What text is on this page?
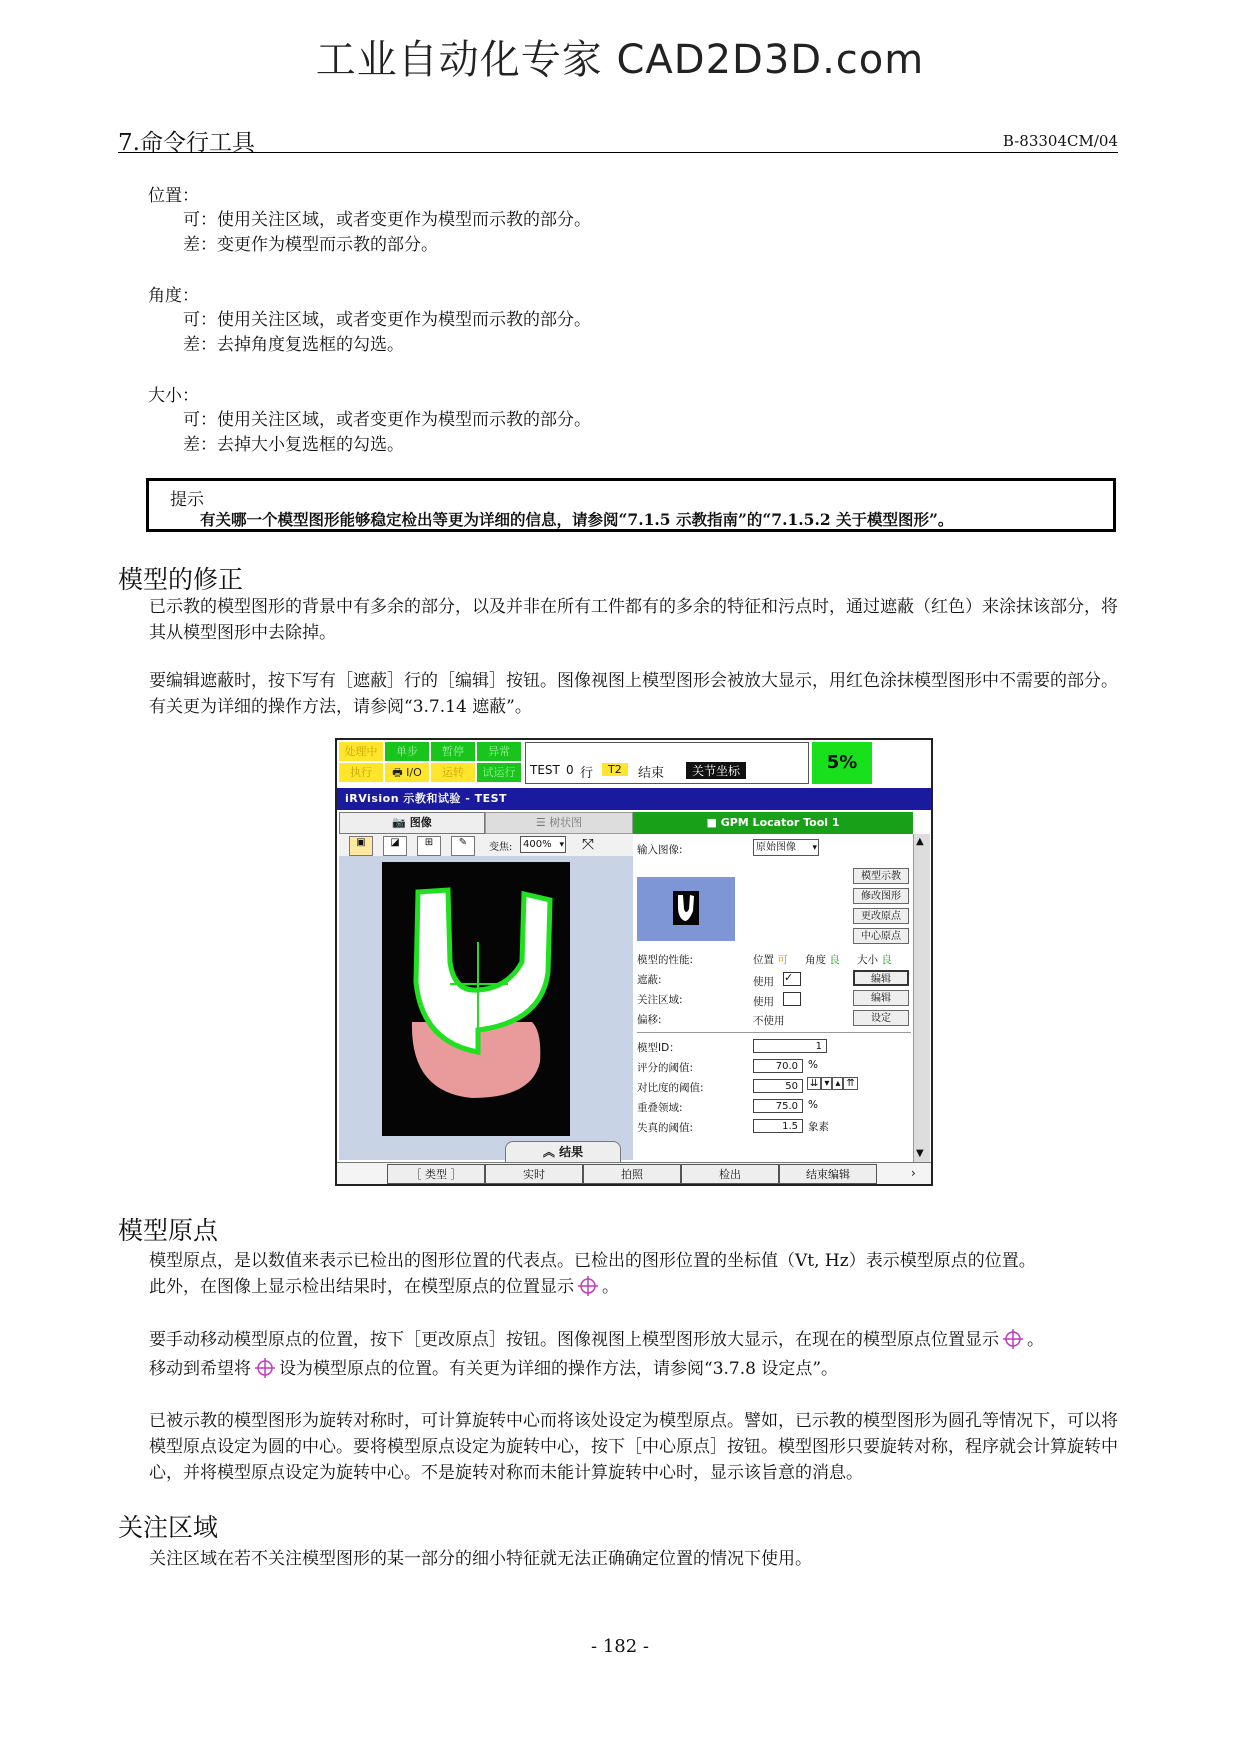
工业自动化专家 CAD2D3D.com
7.命令行工具	B-83304CM/04
位置：
可：使用关注区域，或者变更作为模型而示教的部分。
差：变更作为模型而示教的部分。
角度：
可：使用关注区域，或者变更作为模型而示教的部分。
差：去掉角度复选框的勾选。
大小：
可：使用关注区域，或者变更作为模型而示教的部分。
差：去掉大小复选框的勾选。
提示
有关哪一个模型图形能够稳定检出等更为详细的信息，请参阅“7.1.5 示教指南”的“7.1.5.2 关于模型图形”。
模型的修正
已示教的模型图形的背景中有多余的部分，以及并非在所有工件都有的多余的特征和污点时，通过遮蔽（红色）来涂抹该部分，将其从模型图形中去除掉。
要编辑遮蔽时，按下写有［遮蔽］行的［编辑］按钮。图像视图上模型图形会被放大显示，用红色涂抹模型图形中不需要的部分。有关更为详细的操作方法，请参阅“3.7.14 遮蔽”。
处理中	单步	暂停	异常
执行	🖶 I/O	运转	试运行	TEST 0 行	T2	结束	关节坐标	5%
iRVision 示教和试验 - TEST
📷 图像	☰ 树状图
▣	◪	⊞	✎	变焦:	400% ▾	⤧
︽ 结果
■ GPM Locator Tool 1
▲
▼
输入图像:	原始图像 ▾
模型示教
修改图形
更改原点
中心原点
模型的性能:	位置 可 角度 良 大小 良
遮蔽:	使用 ✓	编辑
关注区域:	使用	编辑
偏移:	不使用	设定
模型ID：	1
评分的阈值:	70.0 %
对比度的阈值:	50	⇊ ▾ ▴ ⇈
重叠领域:	75.0 %
失真的阈值:	1.5 象素
［ 类型 ］	实时	拍照	检出	结束编辑	›
模型原点
模型原点，是以数值来表示已检出的图形位置的代表点。已检出的图形位置的坐标值（Vt, Hz）表示模型原点的位置。
此外，在图像上显示检出结果时，在模型原点的位置显示 。
要手动移动模型原点的位置，按下［更改原点］按钮。图像视图上模型图形放大显示，在现在的模型原点位置显示 。
移动到希望将 设为模型原点的位置。有关更为详细的操作方法，请参阅“3.7.8 设定点”。
已被示教的模型图形为旋转对称时，可计算旋转中心而将该处设定为模型原点。譬如，已示教的模型图形为圆孔等情况下，可以将模型原点设定为圆的中心。要将模型原点设定为旋转中心，按下［中心原点］按钮。模型图形只要旋转对称，程序就会计算旋转中心，并将模型原点设定为旋转中心。不是旋转对称而未能计算旋转中心时，显示该旨意的消息。
关注区域
关注区域在若不关注模型图形的某一部分的细小特征就无法正确确定位置的情况下使用。
- 182 -
